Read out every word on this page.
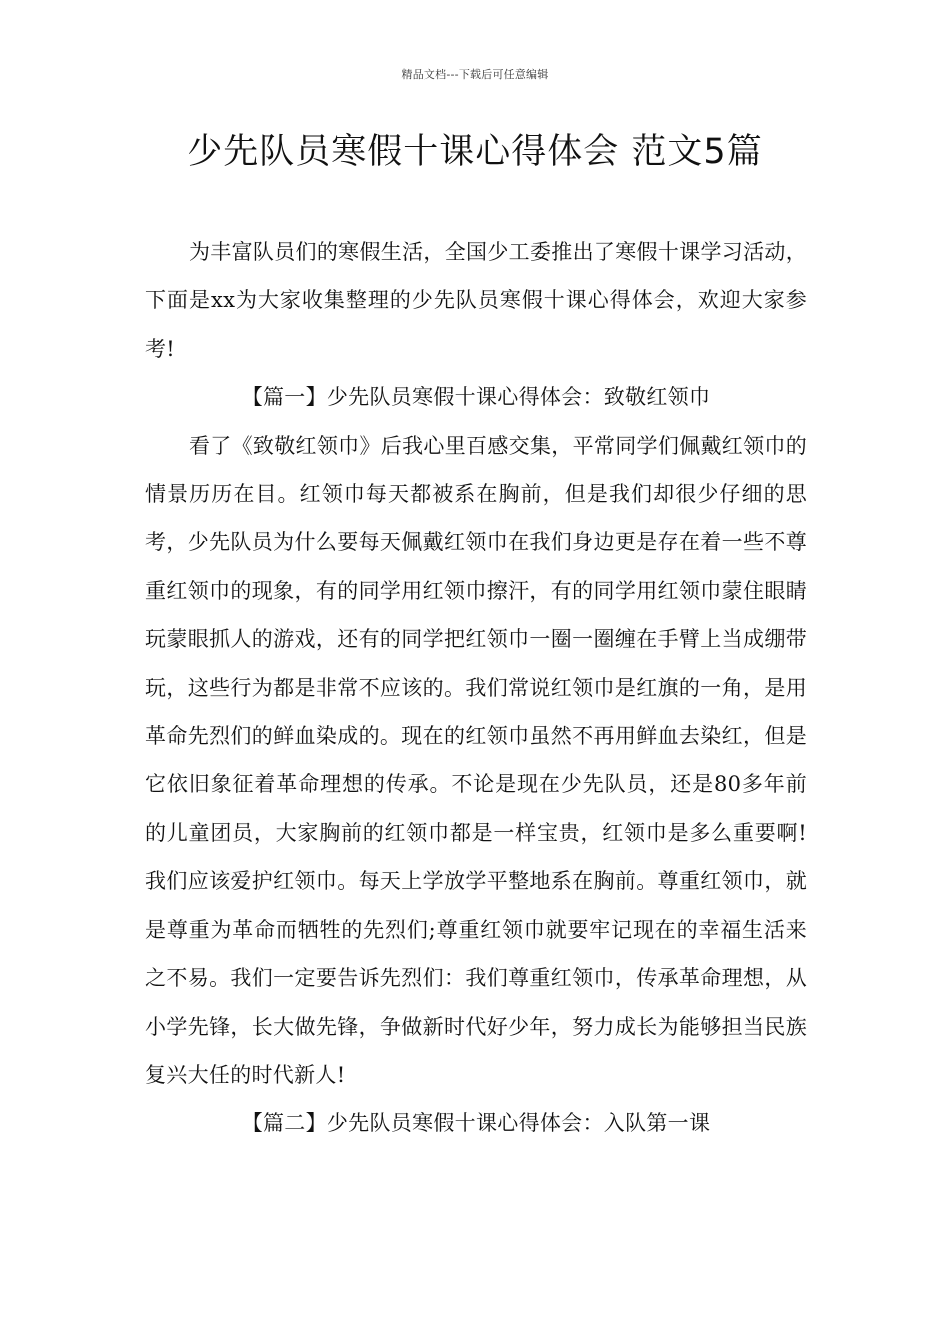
精品文档---下载后可任意编辑
少先队员寒假十课心得体会 范文5篇

为丰富队员们的寒假生活，全国少工委推出了寒假十课学习活动，下面是xx为大家收集整理的少先队员寒假十课心得体会，欢迎大家参考!

【篇一】少先队员寒假十课心得体会：致敬红领巾

看了《致敬红领巾》后我心里百感交集，平常同学们佩戴红领巾的情景历历在目。红领巾每天都被系在胸前，但是我们却很少仔细的思考，少先队员为什么要每天佩戴红领巾在我们身边更是存在着一些不尊重红领巾的现象，有的同学用红领巾擦汗，有的同学用红领巾蒙住眼睛玩蒙眼抓人的游戏，还有的同学把红领巾一圈一圈缠在手臂上当成绷带玩，这些行为都是非常不应该的。我们常说红领巾是红旗的一角，是用革命先烈们的鲜血染成的。现在的红领巾虽然不再用鲜血去染红，但是它依旧象征着革命理想的传承。不论是现在少先队员，还是80多年前的儿童团员，大家胸前的红领巾都是一样宝贵，红领巾是多么重要啊!我们应该爱护红领巾。每天上学放学平整地系在胸前。尊重红领巾，就是尊重为革命而牺牲的先烈们;尊重红领巾就要牢记现在的幸福生活来之不易。我们一定要告诉先烈们：我们尊重红领巾，传承革命理想，从小学先锋，长大做先锋，争做新时代好少年，努力成长为能够担当民族复兴大任的时代新人!

【篇二】少先队员寒假十课心得体会：入队第一课
